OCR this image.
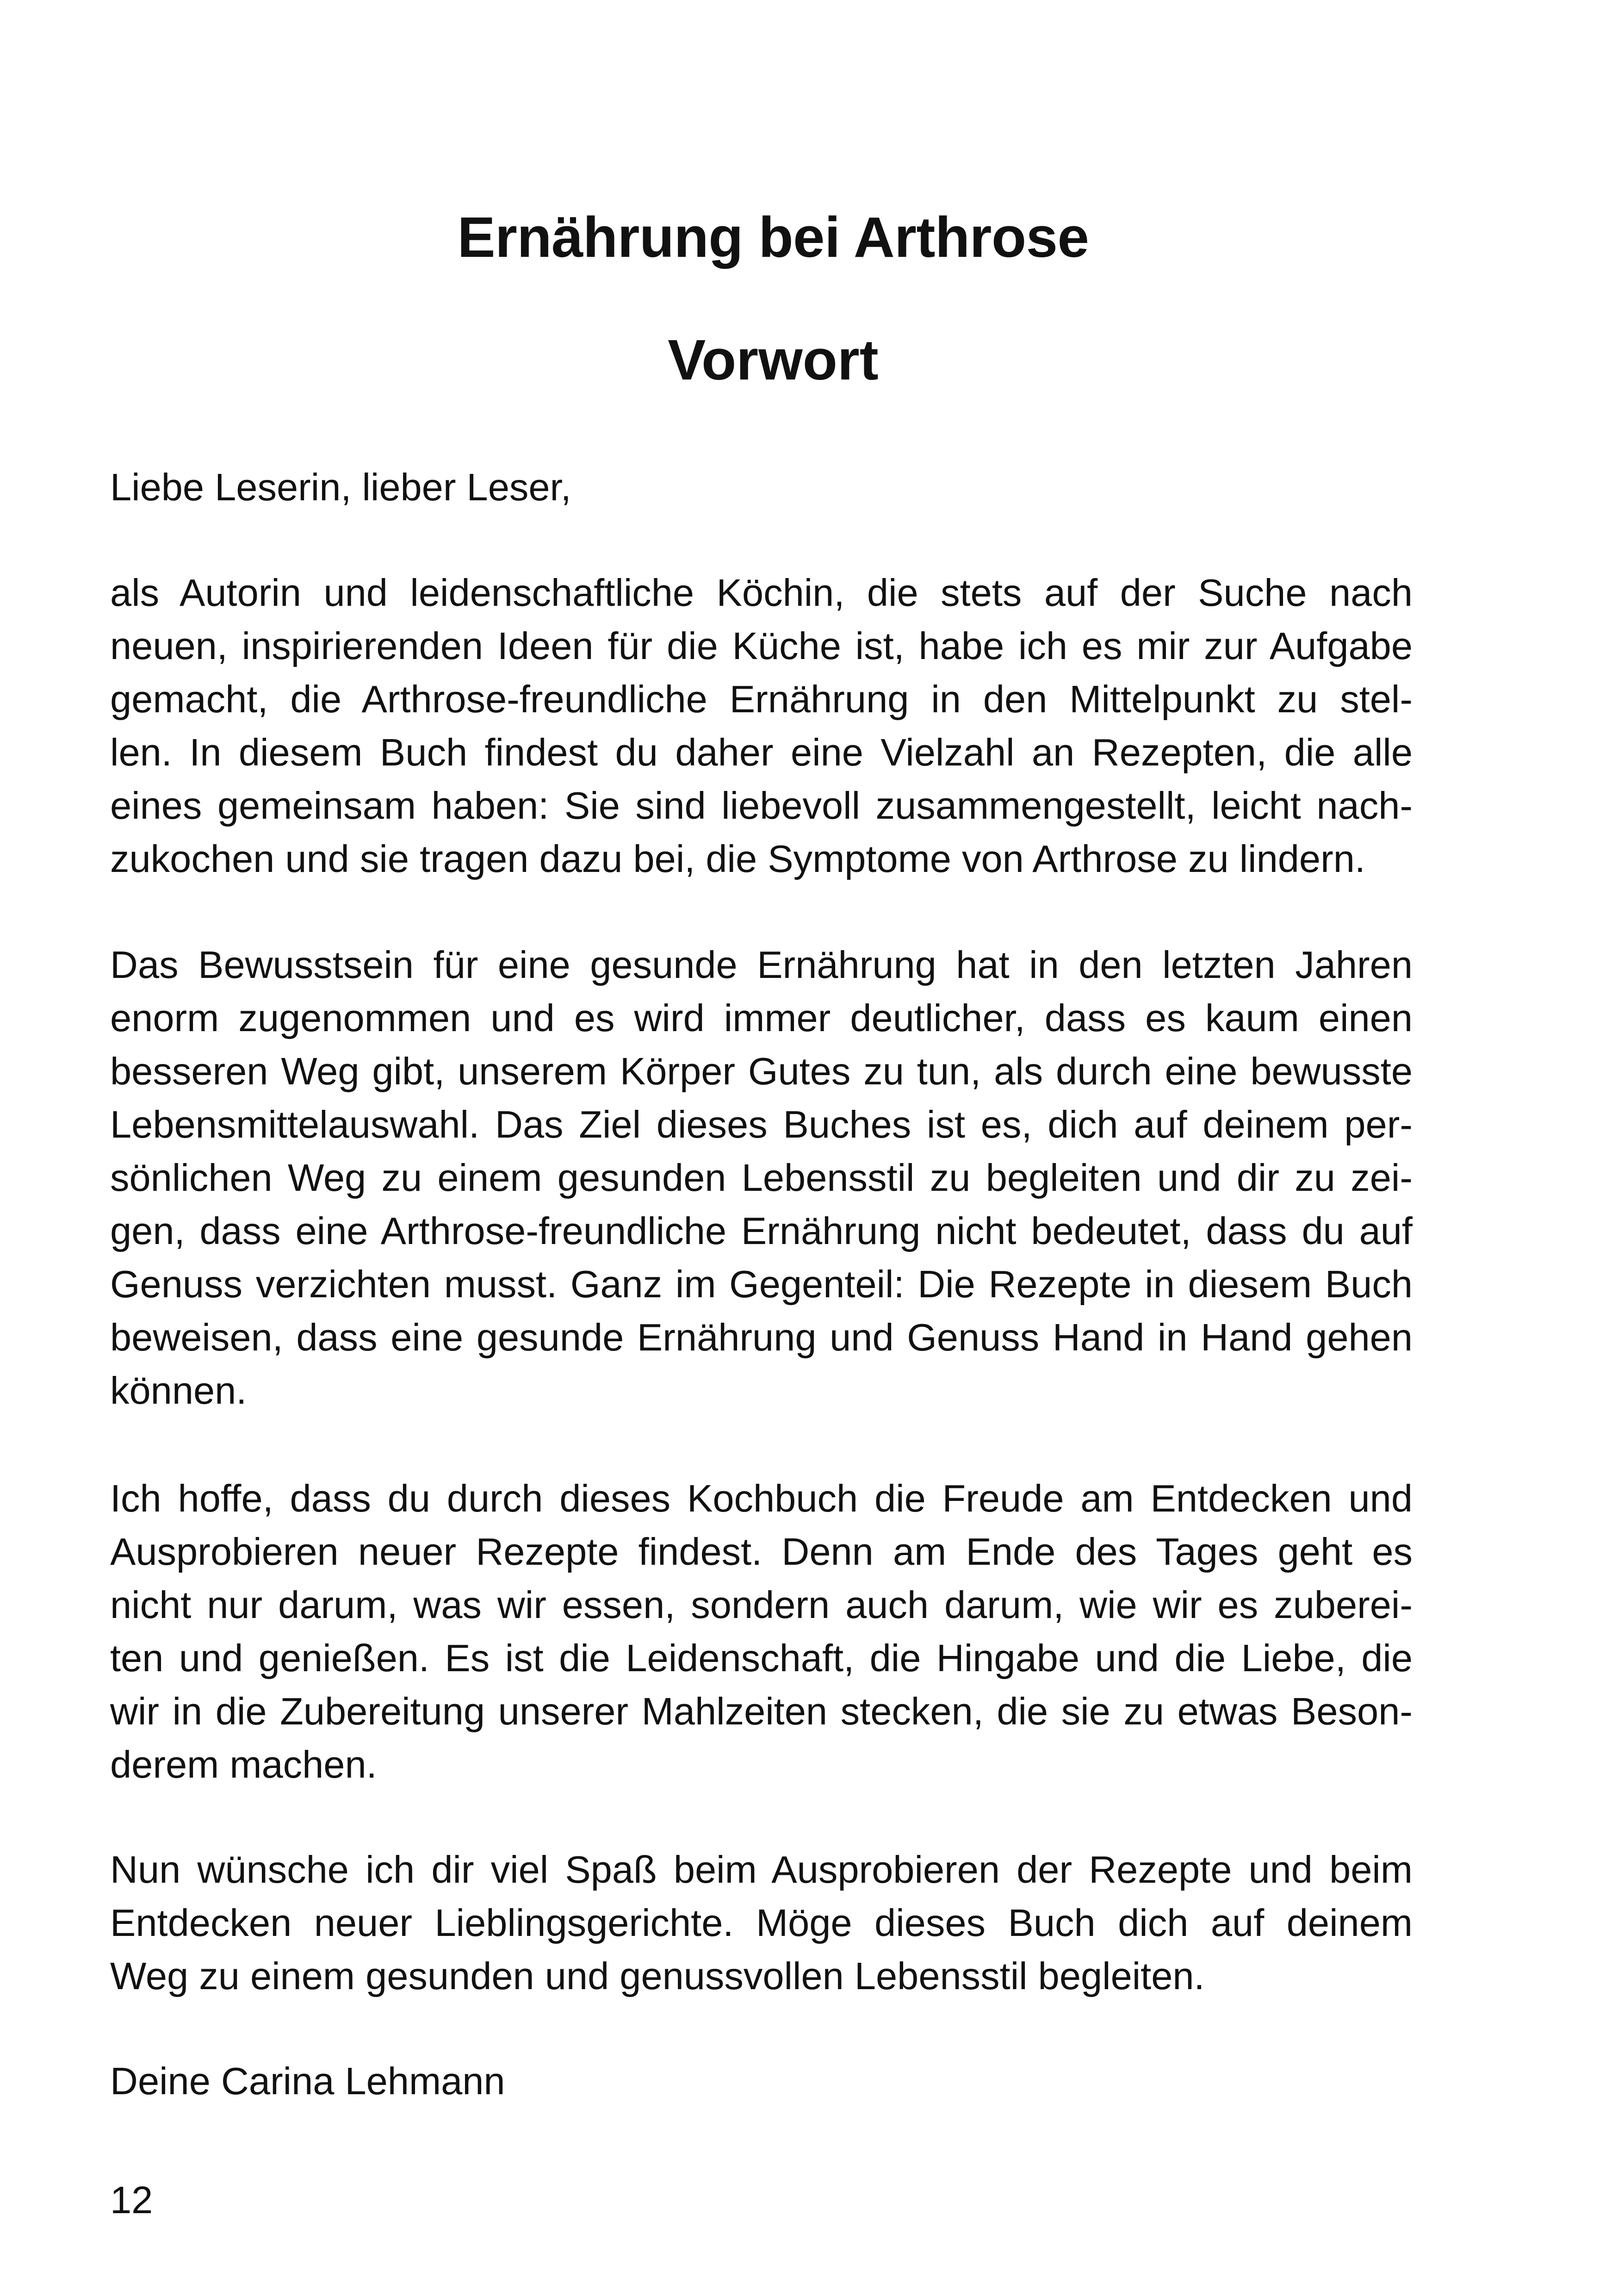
Ernährung bei Arthrose
Vorwort

Liebe Leserin, lieber Leser,

als Autorin und leidenschaftliche Köchin, die stets auf der Suche nach
neuen, inspirierenden Ideen für die Küche ist, habe ich es mir zur Aufgabe
gemacht, die Arthrose-freundliche Ernährung in den Mittelpunkt zu stel-
len. In diesem Buch findest du daher eine Vielzahl an Rezepten, die alle
eines gemeinsam haben: Sie sind liebevoll zusammengestellt, leicht nach-
zukochen und sie tragen dazu bei, die Symptome von Arthrose zu lindern.

Das Bewusstsein für eine gesunde Ernährung hat in den letzten Jahren
enorm zugenommen und es wird immer deutlicher, dass es kaum einen
besseren Weg gibt, unserem Körper Gutes zu tun, als durch eine bewusste
Lebensmittelauswahl. Das Ziel dieses Buches ist es, dich auf deinem per-
sönlichen Weg zu einem gesunden Lebensstil zu begleiten und dir zu zei-
gen, dass eine Arthrose-freundliche Ernährung nicht bedeutet, dass du auf
Genuss verzichten musst. Ganz im Gegenteil: Die Rezepte in diesem Buch
beweisen, dass eine gesunde Ernährung und Genuss Hand in Hand gehen
können.

Ich hoffe, dass du durch dieses Kochbuch die Freude am Entdecken und
Ausprobieren neuer Rezepte findest. Denn am Ende des Tages geht es
nicht nur darum, was wir essen, sondern auch darum, wie wir es zuberei-
ten und genießen. Es ist die Leidenschaft, die Hingabe und die Liebe, die
wir in die Zubereitung unserer Mahlzeiten stecken, die sie zu etwas Beson-
derem machen.

Nun wünsche ich dir viel Spaß beim Ausprobieren der Rezepte und beim
Entdecken neuer Lieblingsgerichte. Möge dieses Buch dich auf deinem
Weg zu einem gesunden und genussvollen Lebensstil begleiten.

Deine Carina Lehmann

12
